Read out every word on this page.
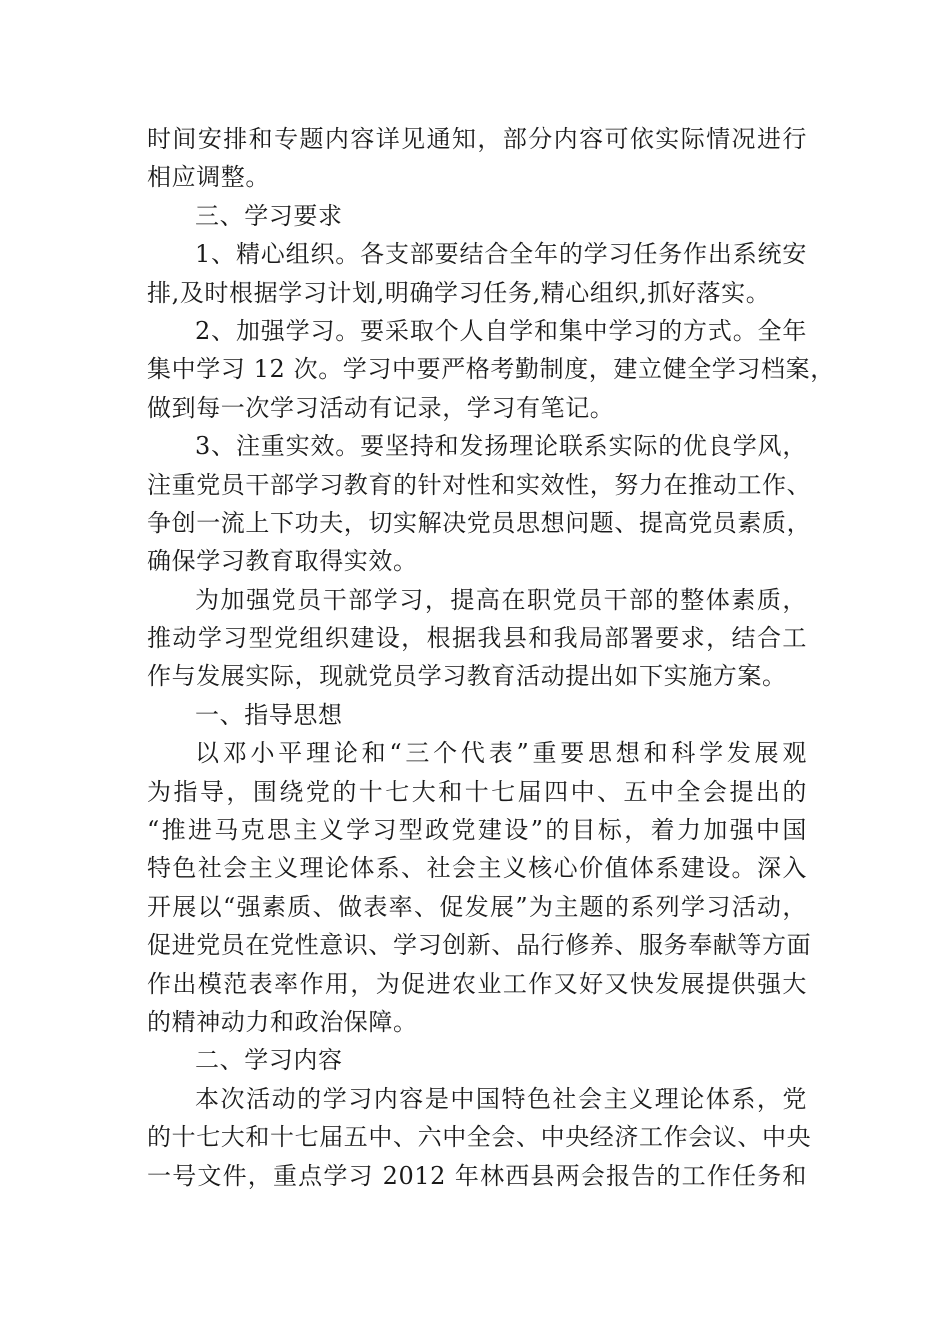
时间安排和专题内容详见通知，部分内容可依实际情况进行
相应调整。
三、学习要求
1、精心组织。各支部要结合全年的学习任务作出系统安
排,及时根据学习计划,明确学习任务,精心组织,抓好落实。
2、加强学习。要采取个人自学和集中学习的方式。全年
集中学习 12 次。学习中要严格考勤制度，建立健全学习档案，
做到每一次学习活动有记录，学习有笔记。
3、注重实效。要坚持和发扬理论联系实际的优良学风，
注重党员干部学习教育的针对性和实效性，努力在推动工作、
争创一流上下功夫，切实解决党员思想问题、提高党员素质，
确保学习教育取得实效。
为加强党员干部学习，提高在职党员干部的整体素质，
推动学习型党组织建设，根据我县和我局部署要求，结合工
作与发展实际，现就党员学习教育活动提出如下实施方案。
一、指导思想
以邓小平理论和“三个代表”重要思想和科学发展观
为指导，围绕党的十七大和十七届四中、五中全会提出的
“推进马克思主义学习型政党建设”的目标，着力加强中国
特色社会主义理论体系、社会主义核心价值体系建设。深入
开展以“强素质、做表率、促发展”为主题的系列学习活动，
促进党员在党性意识、学习创新、品行修养、服务奉献等方面
作出模范表率作用，为促进农业工作又好又快发展提供强大
的精神动力和政治保障。
二、学习内容
本次活动的学习内容是中国特色社会主义理论体系，党
的十七大和十七届五中、六中全会、中央经济工作会议、中央
一号文件，重点学习 2012 年林西县两会报告的工作任务和
